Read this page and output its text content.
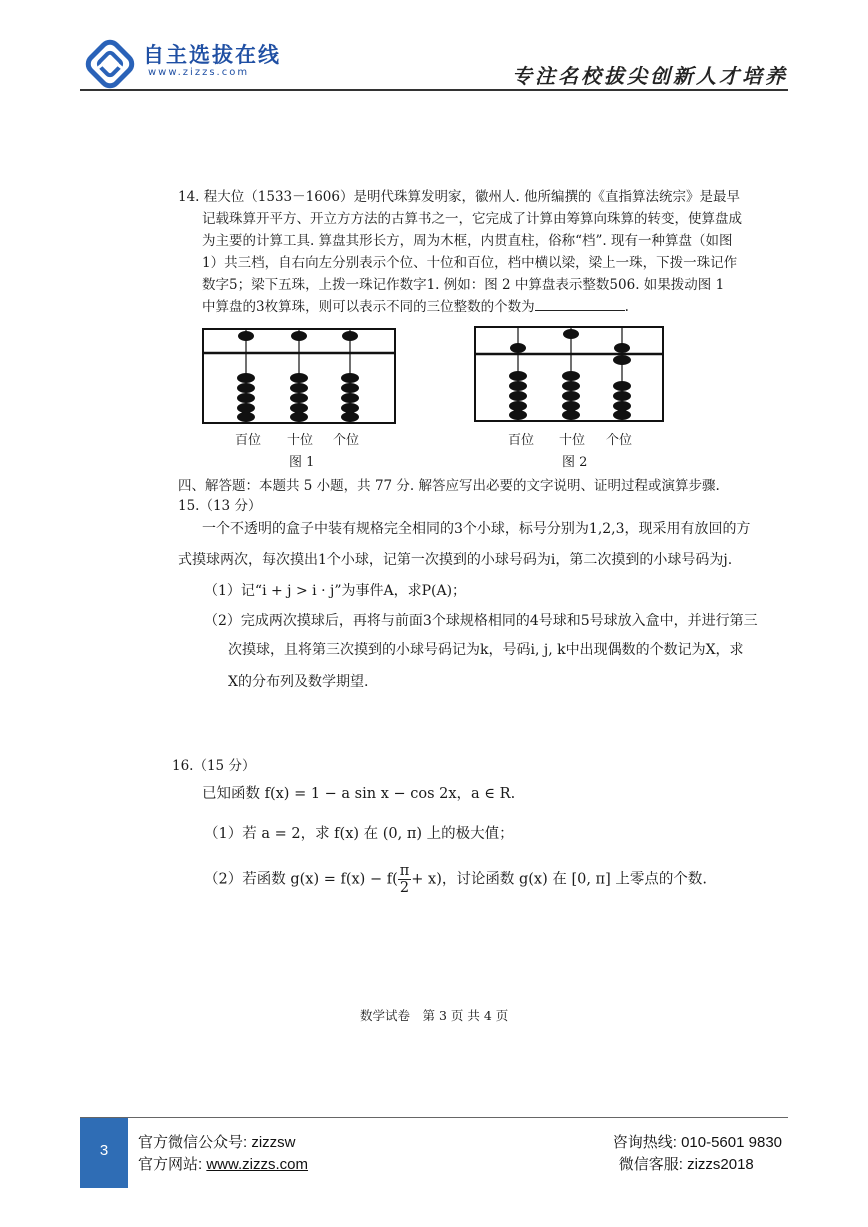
自主选拔在线
www.zizzs.com	专注名校拔尖创新人才培养
14. 程大位（1533－1606）是明代珠算发明家，徽州人. 他所编撰的《直指算法统宗》是最早
记载珠算开平方、开立方方法的古算书之一，它完成了计算由筹算向珠算的转变，使算盘成
为主要的计算工具. 算盘其形长方，周为木框，内贯直柱，俗称“档”. 现有一种算盘（如图
1）共三档，自右向左分别表示个位、十位和百位，档中横以梁，梁上一珠，下拨一珠记作
数字5；梁下五珠，上拨一珠记作数字1. 例如：图 2 中算盘表示整数506. 如果拨动图 1
中算盘的3枚算珠，则可以表示不同的三位整数的个数为	.
百位 十位 个位
图 1
百位 十位 个位
图 2
四、解答题：本题共 5 小题，共 77 分. 解答应写出必要的文字说明、证明过程或演算步骤.
15.（13 分）
一个不透明的盒子中装有规格完全相同的3个小球，标号分别为1,2,3，现采用有放回的方
式摸球两次，每次摸出1个小球，记第一次摸到的小球号码为i，第二次摸到的小球号码为j.
（1）记“i + j > i · j”为事件A，求P(A)；
（2）完成两次摸球后，再将与前面3个球规格相同的4号球和5号球放入盒中，并进行第三
次摸球，且将第三次摸到的小球号码记为k，号码i, j, k中出现偶数的个数记为X，求
X的分布列及数学期望.
16.（15 分）
已知函数 f(x) = 1 − a sin x − cos 2x，a ∈ R.
（1）若 a = 2，求 f(x) 在 (0, π) 上的极大值；
（2）若函数 $g(x) = f(x) - f( \frac{\pi}{2} + x)$，讨论函数 g(x) 在 [0, π] 上零点的个数.
数学试卷　第 3 页 共 4 页
3	官方微信公众号: zizzsw
官方网站: www.zizzs.com
咨询热线: 010-5601 9830
微信客服: zizzs2018
